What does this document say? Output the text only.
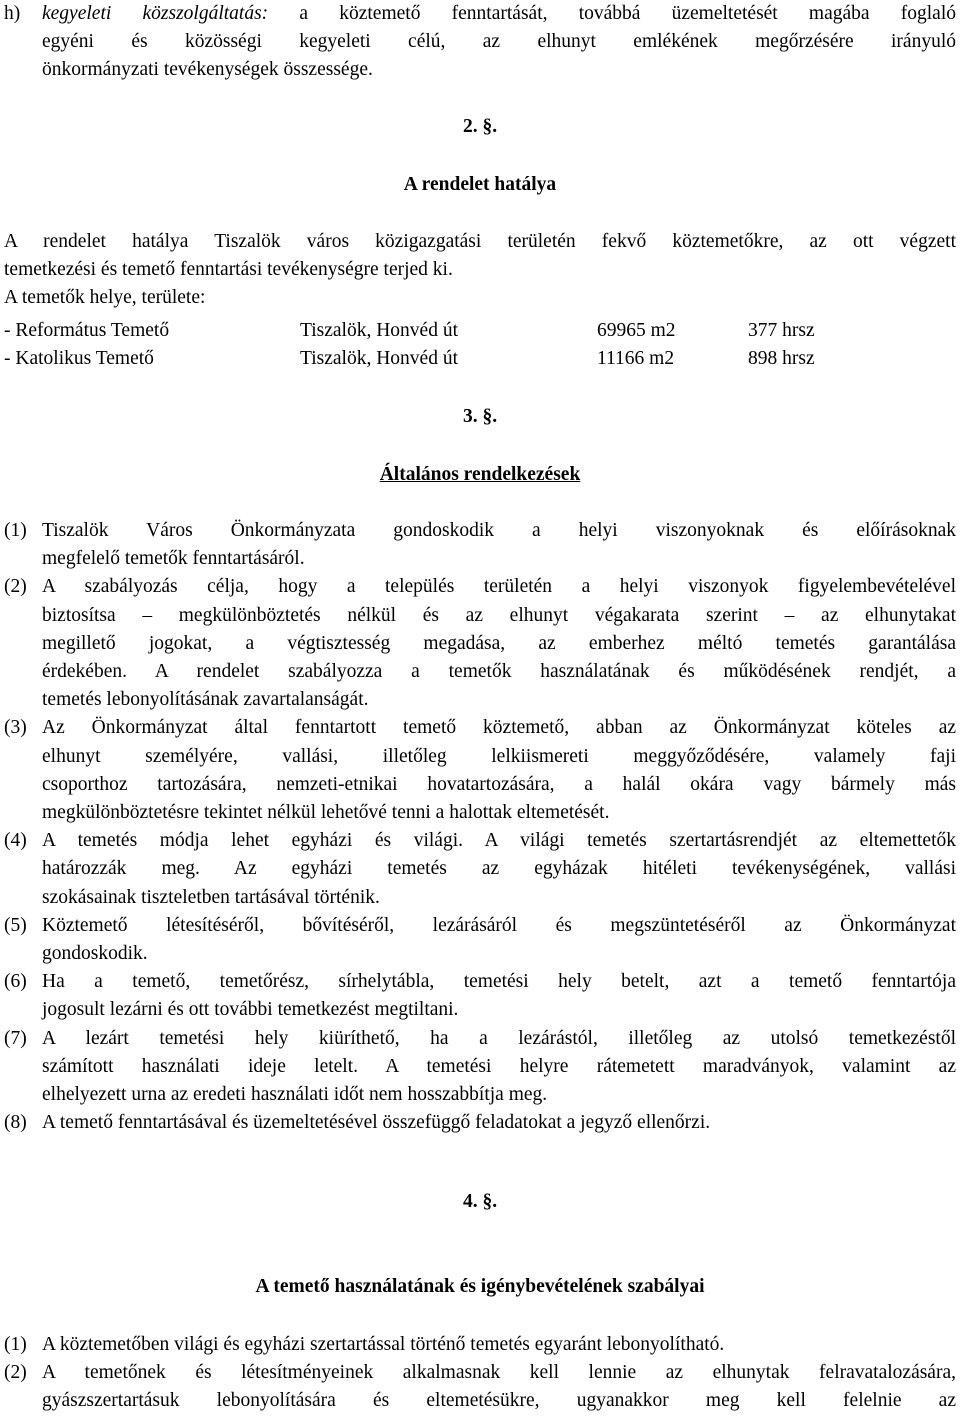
h)	kegyeleti közszolgáltatás: a köztemető fenntartását, továbbá üzemeltetését magába foglaló
egyéni és közösségi kegyeleti célú, az elhunyt emlékének megőrzésére irányuló
önkormányzati tevékenységek összessége.
2. §.
A rendelet hatálya
A rendelet hatálya Tiszalök város közigazgatási területén fekvő köztemetőkre, az ott végzett
temetkezési és temető fenntartási tevékenységre terjed ki.
A temetők helye, területe:
- Református Temető	Tiszalök, Honvéd út	69965 m2	377 hrsz
- Katolikus Temető	Tiszalök, Honvéd út	11166 m2	898 hrsz
3. §.
Általános rendelkezések
(1) Tiszalök Város Önkormányzata gondoskodik a helyi viszonyoknak és előírásoknak
megfelelő temetők fenntartásáról.
(2) A szabályozás célja, hogy a település területén a helyi viszonyok figyelembevételével
biztosítsa – megkülönböztetés nélkül és az elhunyt végakarata szerint – az elhunytakat
megillető jogokat, a végtisztesség megadása, az emberhez méltó temetés garantálása
érdekében. A rendelet szabályozza a temetők használatának és működésének rendjét, a
temetés lebonyolításának zavartalanságát.
(3) Az Önkormányzat által fenntartott temető köztemető, abban az Önkormányzat köteles az
elhunyt személyére, vallási, illetőleg lelkiismereti meggyőződésére, valamely faji
csoporthoz tartozására, nemzeti-etnikai hovatartozására, a halál okára vagy bármely más
megkülönböztetésre tekintet nélkül lehetővé tenni a halottak eltemetését.
(4) A temetés módja lehet egyházi és világi. A világi temetés szertartásrendjét az eltemettetők
határozzák meg. Az egyházi temetés az egyházak hitéleti tevékenységének, vallási
szokásainak tiszteletben tartásával történik.
(5) Köztemető létesítéséről, bővítéséről, lezárásáról és megszüntetéséről az Önkormányzat
gondoskodik.
(6) Ha a temető, temetőrész, sírhelytábla, temetési hely betelt, azt a temető fenntartója
jogosult lezárni és ott további temetkezést megtiltani.
(7) A lezárt temetési hely kiüríthető, ha a lezárástól, illetőleg az utolsó temetkezéstől
számított használati ideje letelt. A temetési helyre rátemetett maradványok, valamint az
elhelyezett urna az eredeti használati időt nem hosszabbítja meg.
(8) A temető fenntartásával és üzemeltetésével összefüggő feladatokat a jegyző ellenőrzi.
4. §.
A temető használatának és igénybevételének szabályai
(1) A köztemetőben világi és egyházi szertartással történő temetés egyaránt lebonyolítható.
(2) A temetőnek és létesítményeinek alkalmasnak kell lennie az elhunytak felravatalozására,
gyászszertartásuk lebonyolítására és eltemetésükre, ugyanakkor meg kell felelnie az
